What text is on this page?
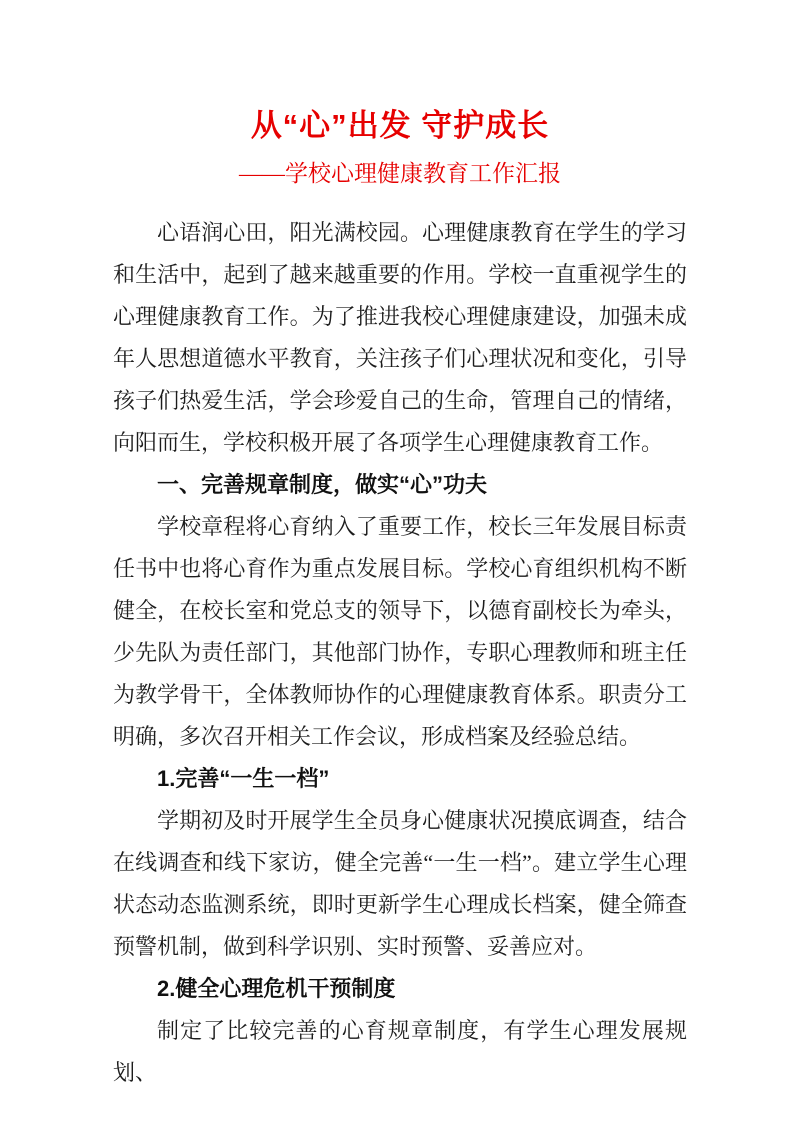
从“心”出发 守护成长
——学校心理健康教育工作汇报

心语润心田，阳光满校园。心理健康教育在学生的学习和生活中，起到了越来越重要的作用。学校一直重视学生的心理健康教育工作。为了推进我校心理健康建设，加强未成年人思想道德水平教育，关注孩子们心理状况和变化，引导孩子们热爱生活，学会珍爱自己的生命，管理自己的情绪，向阳而生，学校积极开展了各项学生心理健康教育工作。

一、完善规章制度，做实“心”功夫

学校章程将心育纳入了重要工作，校长三年发展目标责任书中也将心育作为重点发展目标。学校心育组织机构不断健全，在校长室和党总支的领导下，以德育副校长为牵头，少先队为责任部门，其他部门协作，专职心理教师和班主任为教学骨干，全体教师协作的心理健康教育体系。职责分工明确，多次召开相关工作会议，形成档案及经验总结。

1.完善“一生一档”

学期初及时开展学生全员身心健康状况摸底调查，结合在线调查和线下家访，健全完善“一生一档”。建立学生心理状态动态监测系统，即时更新学生心理成长档案，健全筛查预警机制，做到科学识别、实时预警、妥善应对。

2.健全心理危机干预制度

制定了比较完善的心育规章制度，有学生心理发展规划、
